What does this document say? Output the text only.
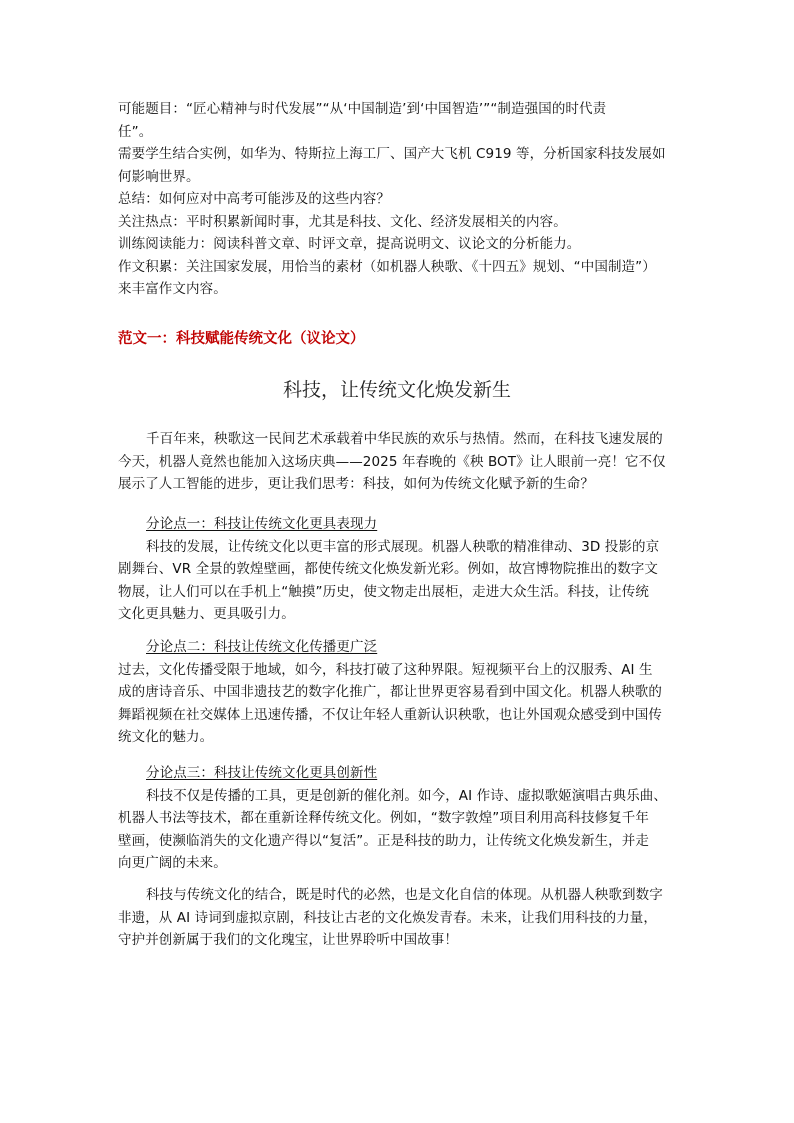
可能题目：“匠心精神与时代发展”“从‘中国制造’到‘中国智造’”“制造强国的时代责
任”。
需要学生结合实例，如华为、特斯拉上海工厂、国产大飞机 C919 等，分析国家科技发展如
何影响世界。
总结：如何应对中高考可能涉及的这些内容？
关注热点：平时积累新闻时事，尤其是科技、文化、经济发展相关的内容。
训练阅读能力：阅读科普文章、时评文章，提高说明文、议论文的分析能力。
作文积累：关注国家发展，用恰当的素材（如机器人秧歌、《十四五》规划、“中国制造”）
来丰富作文内容。
范文一：科技赋能传统文化（议论文）
科技，让传统文化焕发新生
千百年来，秧歌这一民间艺术承载着中华民族的欢乐与热情。然而，在科技飞速发展的
今天，机器人竟然也能加入这场庆典——2025 年春晚的《秧 BOT》让人眼前一亮！它不仅
展示了人工智能的进步，更让我们思考：科技，如何为传统文化赋予新的生命？
分论点一：科技让传统文化更具表现力
科技的发展，让传统文化以更丰富的形式展现。机器人秧歌的精准律动、3D 投影的京
剧舞台、VR 全景的敦煌壁画，都使传统文化焕发新光彩。例如，故宫博物院推出的数字文
物展，让人们可以在手机上“触摸”历史，使文物走出展柜，走进大众生活。科技，让传统
文化更具魅力、更具吸引力。
分论点二：科技让传统文化传播更广泛
过去，文化传播受限于地域，如今，科技打破了这种界限。短视频平台上的汉服秀、AI 生
成的唐诗音乐、中国非遗技艺的数字化推广，都让世界更容易看到中国文化。机器人秧歌的
舞蹈视频在社交媒体上迅速传播，不仅让年轻人重新认识秧歌，也让外国观众感受到中国传
统文化的魅力。
分论点三：科技让传统文化更具创新性
科技不仅是传播的工具，更是创新的催化剂。如今，AI 作诗、虚拟歌姬演唱古典乐曲、
机器人书法等技术，都在重新诠释传统文化。例如，“数字敦煌”项目利用高科技修复千年
壁画，使濒临消失的文化遗产得以“复活”。正是科技的助力，让传统文化焕发新生，并走
向更广阔的未来。
科技与传统文化的结合，既是时代的必然，也是文化自信的体现。从机器人秧歌到数字
非遗，从 AI 诗词到虚拟京剧，科技让古老的文化焕发青春。未来，让我们用科技的力量，
守护并创新属于我们的文化瑰宝，让世界聆听中国故事！
